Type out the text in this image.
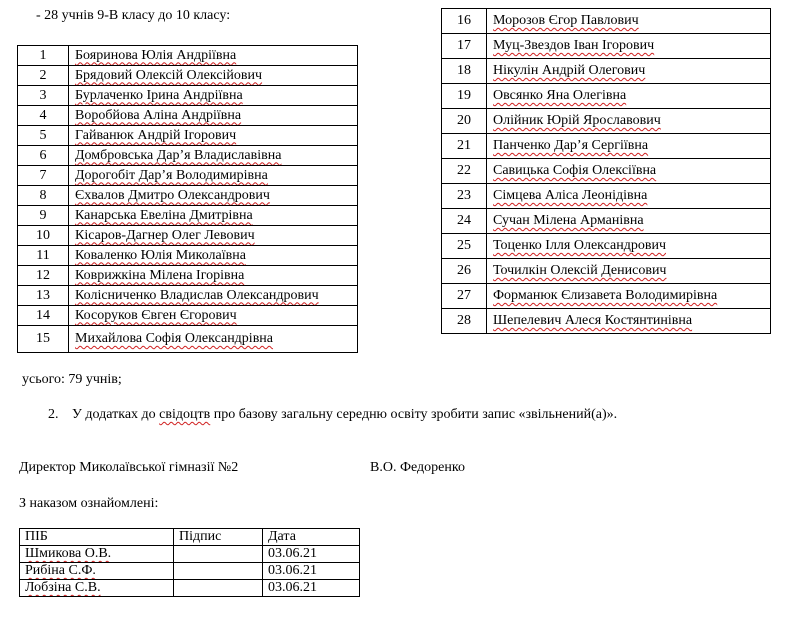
- 28 учнів 9-В класу до 10 класу:
1	Бояринова Юлія Андріївна
2	Брядовий Олексій Олексійович
3	Бурлаченко Ірина Андріївна
4	Воробйова Аліна Андріївна
5	Гайванюк Андрій Ігорович
6	Домбровська Дар’я Владиславівна
7	Дорогобіт Дар’я Володимирівна
8	Єхвалов Дмитро Олександрович
9	Канарська Евеліна Дмитрівна
10	Кісаров-Дагнер Олег Левович
11	Коваленко Юлія Миколаївна
12	Коврижкіна Мілена Ігорівна
13	Колісниченко Владислав Олександрович
14	Косоруков Євген Єгорович
15	Михайлова Софія Олександрівна
16	Морозов Єгор Павлович
17	Муц-Звездов Іван Ігорович
18	Нікулін Андрій Олегович
19	Овсянко Яна Олегівна
20	Олійник Юрій Ярославович
21	Панченко Дар’я Сергіївна
22	Савицька Софія Олексіївна
23	Сімцева Аліса Леонідівна
24	Сучан Мілена Арманівна
25	Тоценко Ілля Олександрович
26	Точилкін Олексій Денисович
27	Форманюк Єлизавета Володимирівна
28	Шепелевич Алеся Костянтинівна
усього: 79 учнів;
2. У додатках до свідоцтв про базову загальну середню освіту зробити запис «звільнений(а)».
Директор Миколаївської гімназії №2	В.О. Федоренко
З наказом ознайомлені:
ПІБ	Підпис	Дата
Шмикова О.В.		03.06.21
Рибіна С.Ф.		03.06.21
Лобзіна С.В.		03.06.21
